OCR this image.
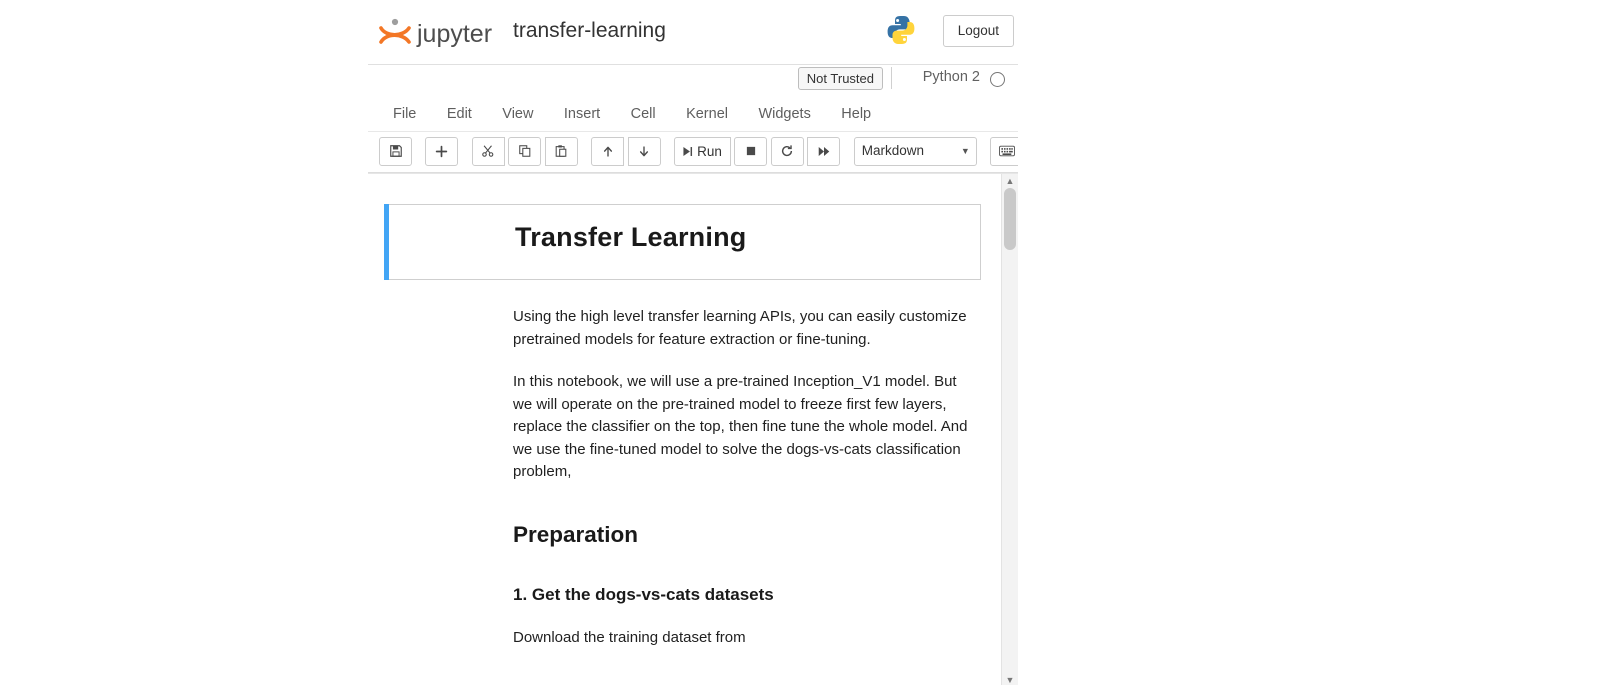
jupyter transfer-learning	Logout
Not Trusted	Python 2
File Edit View Insert Cell Kernel Widgets Help
Run	Markdown	▼

▲
▼
Transfer Learning

Using the high level transfer learning APIs, you can easily customize pretrained models for feature extraction or fine-tuning.

In this notebook, we will use a pre-trained Inception_V1 model. But we will operate on the pre-trained model to freeze first few layers, replace the classifier on the top, then fine tune the whole model. And we use the fine-tuned model to solve the dogs-vs-cats classification problem,

Preparation
1. Get the dogs-vs-cats datasets

Download the training dataset from
